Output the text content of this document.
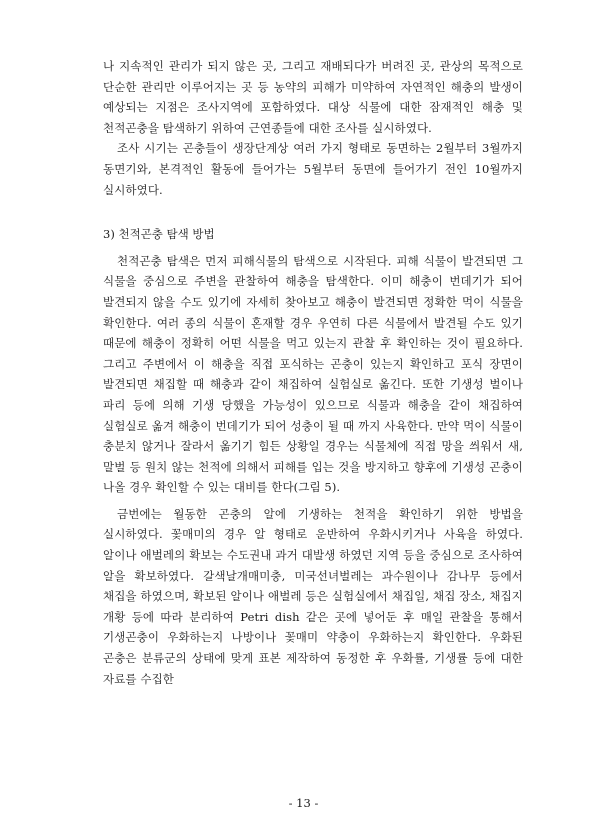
나 지속적인 관리가 되지 않은 곳, 그리고 재배되다가 버려진 곳, 관상의 목적으로 단순한 관리만 이루어지는 곳 등 농약의 피해가 미약하여 자연적인 해충의 발생이 예상되는 지점은 조사지역에 포함하였다. 대상 식물에 대한 잠재적인 해충 및 천적곤충을 탐색하기 위하여 근연종들에 대한 조사를 실시하였다.

조사 시기는 곤충들이 생장단계상 여러 가지 형태로 동면하는 2월부터 3월까지 동면기와, 본격적인 활동에 들어가는 5월부터 동면에 들어가기 전인 10월까지 실시하였다.

3) 천적곤충 탐색 방법

천적곤충 탐색은 먼저 피해식물의 탐색으로 시작된다. 피해 식물이 발견되면 그 식물을 중심으로 주변을 관찰하여 해충을 탐색한다. 이미 해충이 번데기가 되어 발견되지 않을 수도 있기에 자세히 찾아보고 해충이 발견되면 정확한 먹이 식물을 확인한다. 여러 종의 식물이 혼재할 경우 우연히 다른 식물에서 발견될 수도 있기 때문에 해충이 정확히 어떤 식물을 먹고 있는지 관찰 후 확인하는 것이 필요하다. 그리고 주변에서 이 해충을 직접 포식하는 곤충이 있는지 확인하고 포식 장면이 발견되면 채집할 때 해충과 같이 채집하여 실험실로 옮긴다. 또한 기생성 벌이나 파리 등에 의해 기생 당했을 가능성이 있으므로 식물과 해충을 같이 채집하여 실험실로 옮겨 해충이 번데기가 되어 성충이 될 때 까지 사육한다. 만약 먹이 식물이 충분치 않거나 잘라서 옮기기 힘든 상황일 경우는 식물체에 직접 망을 씌워서 새, 말벌 등 원치 않는 천적에 의해서 피해를 입는 것을 방지하고 향후에 기생성 곤충이 나올 경우 확인할 수 있는 대비를 한다(그림 5).

금번에는 월동한 곤충의 알에 기생하는 천적을 확인하기 위한 방법을 실시하였다. 꽃매미의 경우 알 형태로 운반하여 우화시키거나 사육을 하였다. 알이나 애벌레의 확보는 수도권내 과거 대발생 하였던 지역 등을 중심으로 조사하여 알을 확보하였다. 갈색날개매미충, 미국선녀벌레는 과수원이나 감나무 등에서 채집을 하였으며, 확보된 알이나 애벌레 등은 실험실에서 채집일, 채집 장소, 채집지 개황 등에 따라 분리하여 Petri dish 같은 곳에 넣어둔 후 매일 관찰을 통해서 기생곤충이 우화하는지 나방이나 꽃매미 약충이 우화하는지 확인한다. 우화된 곤충은 분류군의 상태에 맞게 표본 제작하여 동정한 후 우화률, 기생률 등에 대한 자료를 수집한

- 13 -
